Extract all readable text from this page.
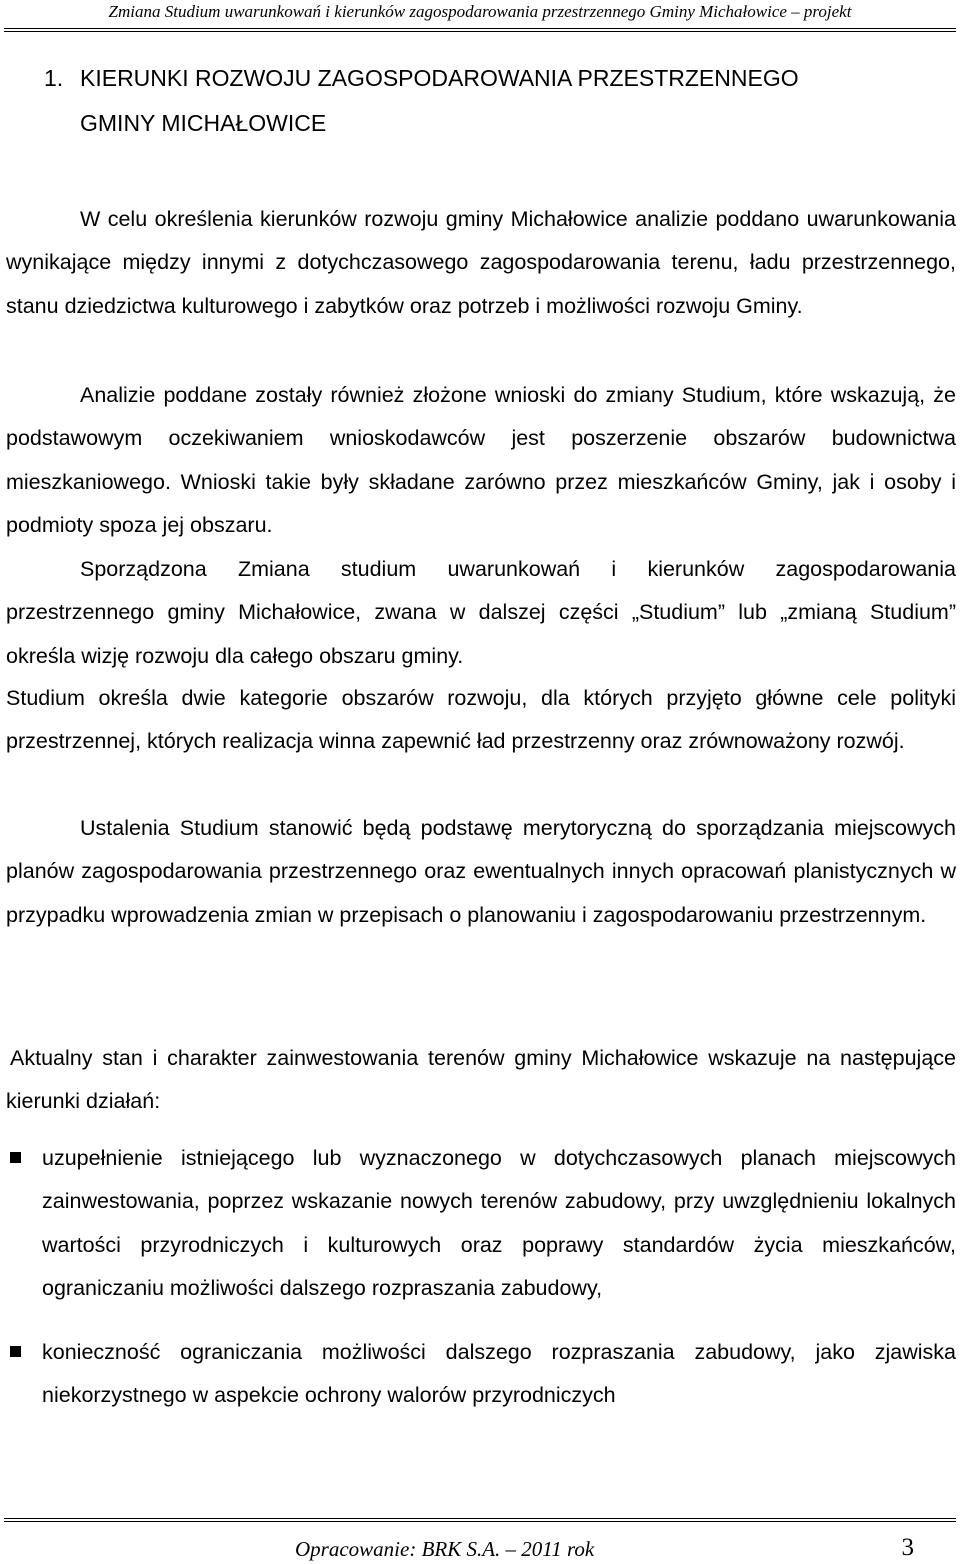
Zmiana Studium uwarunkowań i kierunków zagospodarowania przestrzennego Gminy Michałowice – projekt
1. KIERUNKI ROZWOJU ZAGOSPODAROWANIA PRZESTRZENNEGO
GMINY MICHAŁOWICE

W celu określenia kierunków rozwoju gminy Michałowice analizie poddano uwarunkowania wynikające między innymi z dotychczasowego zagospodarowania terenu, ładu przestrzennego, stanu dziedzictwa kulturowego i zabytków oraz potrzeb i możliwości rozwoju Gminy.

Analizie poddane zostały również złożone wnioski do zmiany Studium, które wskazują, że podstawowym oczekiwaniem wnioskodawców jest poszerzenie obszarów budownictwa mieszkaniowego. Wnioski takie były składane zarówno przez mieszkańców Gminy, jak i osoby i podmioty spoza jej obszaru.

Sporządzona Zmiana studium uwarunkowań i kierunków zagospodarowania przestrzennego gminy Michałowice, zwana w dalszej części „Studium” lub „zmianą Studium” określa wizję rozwoju dla całego obszaru gminy.

Studium określa dwie kategorie obszarów rozwoju, dla których przyjęto główne cele polityki przestrzennej, których realizacja winna zapewnić ład przestrzenny oraz zrównoważony rozwój.

Ustalenia Studium stanowić będą podstawę merytoryczną do sporządzania miejscowych planów zagospodarowania przestrzennego oraz ewentualnych innych opracowań planistycznych w przypadku wprowadzenia zmian w przepisach o planowaniu i zagospodarowaniu przestrzennym.

Aktualny stan i charakter zainwestowania terenów gminy Michałowice wskazuje na następujące kierunki działań:

uzupełnienie istniejącego lub wyznaczonego w dotychczasowych planach miejscowych zainwestowania, poprzez wskazanie nowych terenów zabudowy, przy uwzględnieniu lokalnych wartości przyrodniczych i kulturowych oraz poprawy standardów życia mieszkańców, ograniczaniu możliwości dalszego rozpraszania zabudowy,
konieczność ograniczania możliwości dalszego rozpraszania zabudowy, jako zjawiska niekorzystnego w aspekcie ochrony walorów przyrodniczych
Opracowanie: BRK S.A. – 2011 rok	3
